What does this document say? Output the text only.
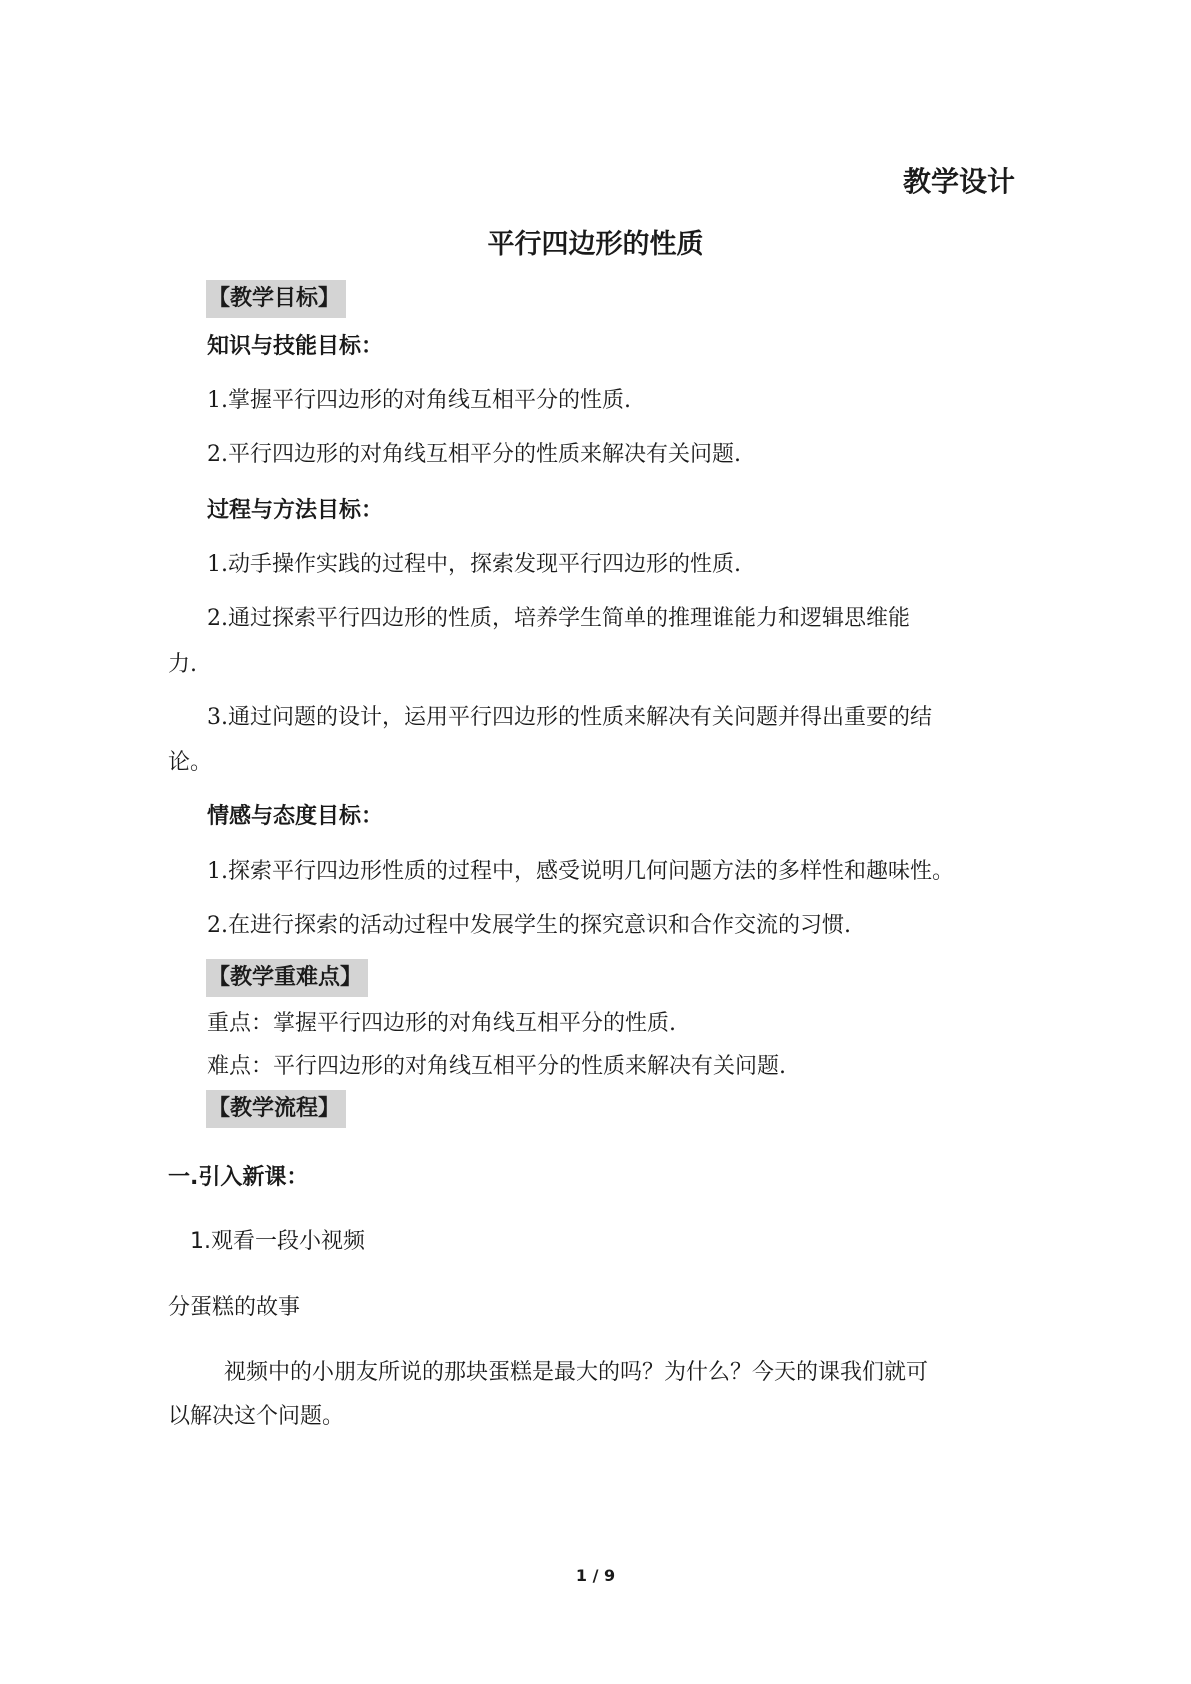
教学设计
平行四边形的性质
【教学目标】
知识与技能目标：
1.掌握平行四边形的对角线互相平分的性质.
2.平行四边形的对角线互相平分的性质来解决有关问题.
过程与方法目标：
1.动手操作实践的过程中，探索发现平行四边形的性质.
2.通过探索平行四边形的性质，培养学生简单的推理谁能力和逻辑思维能
力.
3.通过问题的设计，运用平行四边形的性质来解决有关问题并得出重要的结
论。
情感与态度目标：
1.探索平行四边形性质的过程中，感受说明几何问题方法的多样性和趣味性。
2.在进行探索的活动过程中发展学生的探究意识和合作交流的习惯.
【教学重难点】
重点：掌握平行四边形的对角线互相平分的性质.
难点：平行四边形的对角线互相平分的性质来解决有关问题.
【教学流程】
一.引入新课：
1.观看一段小视频
分蛋糕的故事
视频中的小朋友所说的那块蛋糕是最大的吗？为什么？今天的课我们就可
以解决这个问题。
1 / 9
